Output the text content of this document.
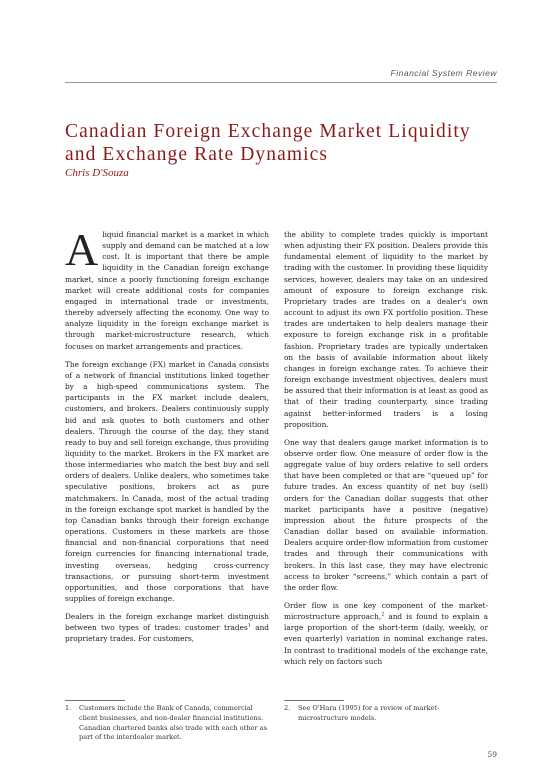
Financial System Review
Canadian Foreign Exchange Market Liquidity and Exchange Rate Dynamics
Chris D'Souza

Aliquid financial market is a market in which supply and demand can be matched at a low cost. It is important that there be ample liquidity in the Canadian foreign exchange market, since a poorly functioning foreign exchange market will create additional costs for companies engaged in international trade or investments, thereby adversely affecting the economy. One way to analyze liquidity in the foreign exchange market is through market-microstructure research, which focuses on market arrangements and practices.

The foreign exchange (FX) market in Canada consists of a network of financial institutions linked together by a high-speed communications system. The participants in the FX market include dealers, customers, and brokers. Dealers continuously supply bid and ask quotes to both customers and other dealers. Through the course of the day, they stand ready to buy and sell foreign exchange, thus providing liquidity to the market. Brokers in the FX market are those intermediaries who match the best buy and sell orders of dealers. Unlike dealers, who sometimes take speculative positions, brokers act as pure matchmakers. In Canada, most of the actual trading in the foreign exchange spot market is handled by the top Canadian banks through their foreign exchange operations. Customers in these markets are those financial and non-financial corporations that need foreign currencies for financing international trade, investing overseas, hedging cross-currency transactions, or pursuing short-term investment opportunities, and those corporations that have supplies of foreign exchange.

Dealers in the foreign exchange market distinguish between two types of trades: customer trades$^1$ and proprietary trades. For customers,

the ability to complete trades quickly is important when adjusting their FX position. Dealers provide this fundamental element of liquidity to the market by trading with the customer. In providing these liquidity services, however, dealers may take on an undesired amount of exposure to foreign exchange risk. Proprietary trades are trades on a dealer's own account to adjust its own FX portfolio position. These trades are undertaken to help dealers manage their exposure to foreign exchange risk in a profitable fashion. Proprietary trades are typically undertaken on the basis of available information about likely changes in foreign exchange rates. To achieve their foreign exchange investment objectives, dealers must be assured that their information is at least as good as that of their trading counterparty, since trading against better-informed traders is a losing proposition.

One way that dealers gauge market information is to observe order flow. One measure of order flow is the aggregate value of buy orders relative to sell orders that have been completed or that are “queued up” for future trades. An excess quantity of net buy (sell) orders for the Canadian dollar suggests that other market participants have a positive (negative) impression about the future prospects of the Canadian dollar based on available information. Dealers acquire order-flow information from customer trades and through their communications with brokers. In this last case, they may have electronic access to broker “screens,” which contain a part of the order flow.

Order flow is one key component of the market-microstructure approach,$^2$ and is found to explain a large proportion of the short-term (daily, weekly, or even quarterly) variation in nominal exchange rates. In contrast to traditional models of the exchange rate, which rely on factors such

1. Customers include the Bank of Canada, commercial client businesses, and non-dealer financial institutions. Canadian chartered banks also trade with each other as part of the interdealer market.
2. See O'Hara (1995) for a review of market-microstructure models.
59
